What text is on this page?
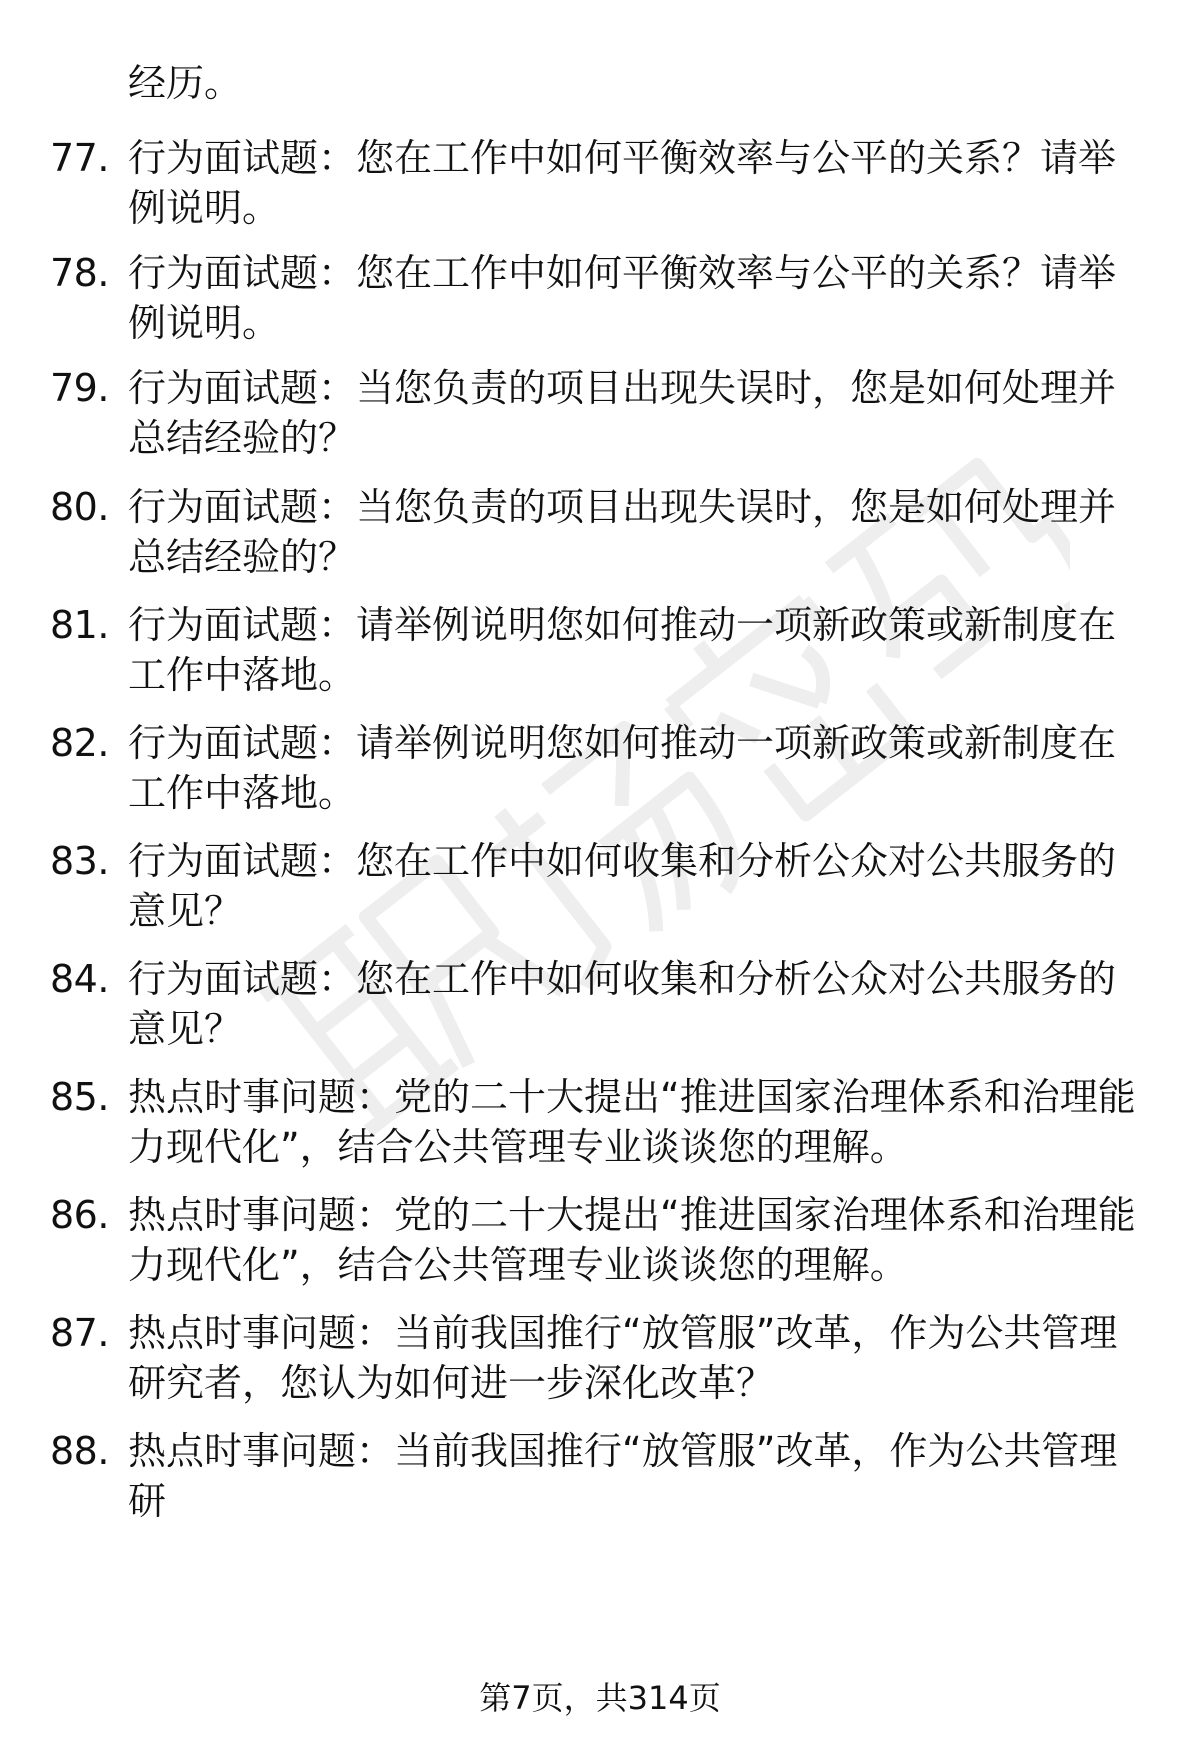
经历。

77. 行为面试题：您在工作中如何平衡效率与公平的关系？请举例说明。

78. 行为面试题：您在工作中如何平衡效率与公平的关系？请举例说明。

79. 行为面试题：当您负责的项目出现失误时，您是如何处理并总结经验的？

80. 行为面试题：当您负责的项目出现失误时，您是如何处理并总结经验的？

81. 行为面试题：请举例说明您如何推动一项新政策或新制度在工作中落地。

82. 行为面试题：请举例说明您如何推动一项新政策或新制度在工作中落地。

83. 行为面试题：您在工作中如何收集和分析公众对公共服务的意见？

84. 行为面试题：您在工作中如何收集和分析公众对公共服务的意见？

85. 热点时事问题：党的二十大提出“推进国家治理体系和治理能力现代化”，结合公共管理专业谈谈您的理解。

86. 热点时事问题：党的二十大提出“推进国家治理体系和治理能力现代化”，结合公共管理专业谈谈您的理解。

87. 热点时事问题：当前我国推行“放管服”改革，作为公共管理研究者，您认为如何进一步深化改革？

88. 热点时事问题：当前我国推行“放管服”改革，作为公共管理研

第7页，共314页
